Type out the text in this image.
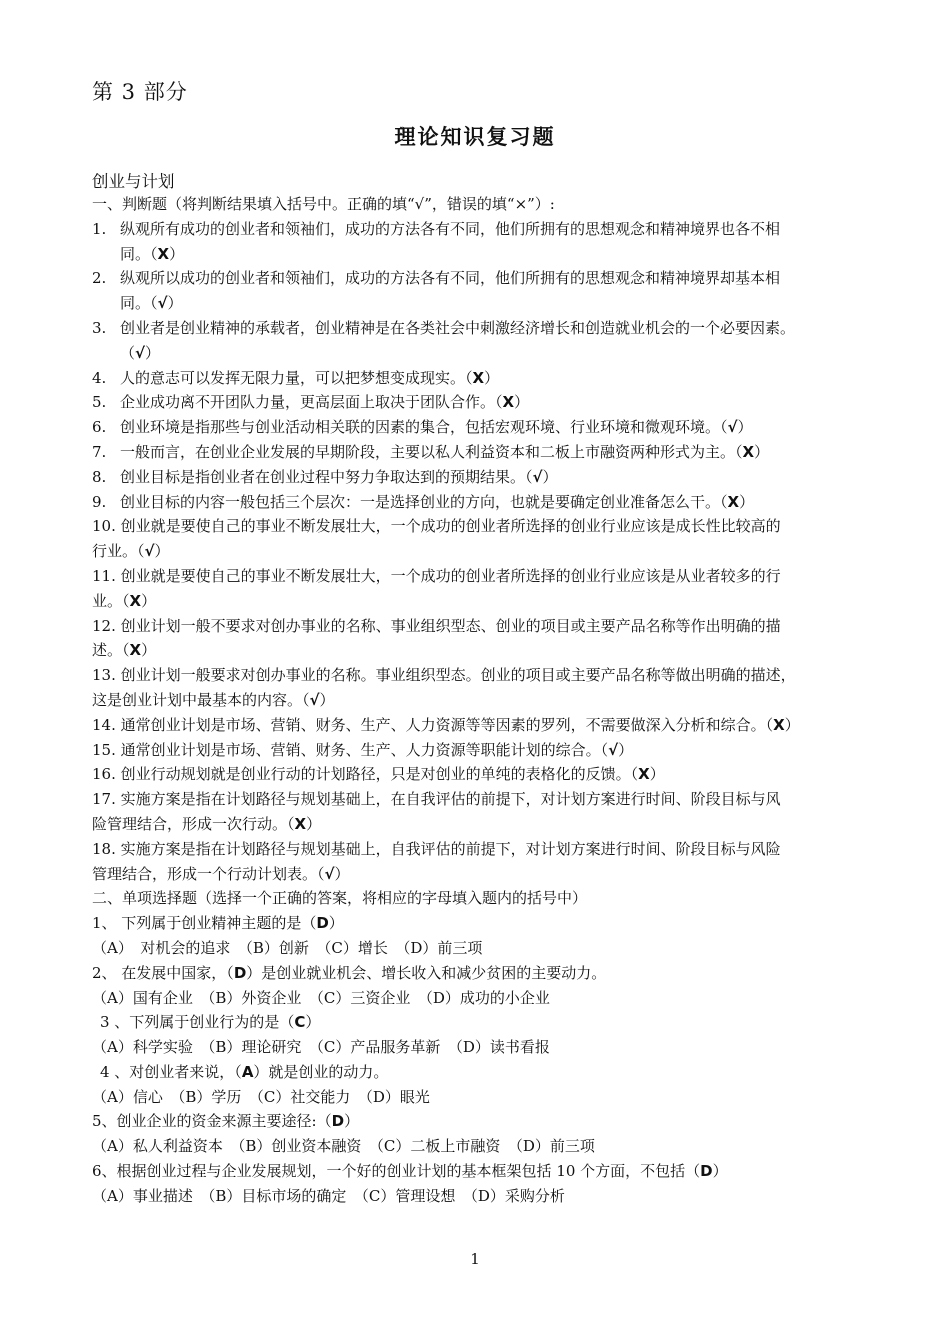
第 3 部分
理论知识复习题
创业与计划
一、判断题（将判断结果填入括号中。正确的填“√”，错误的填“×”）:
1. 纵观所有成功的创业者和领袖们，成功的方法各有不同，他们所拥有的思想观念和精神境界也各不相
同。（X）
2. 纵观所以成功的创业者和领袖们，成功的方法各有不同，他们所拥有的思想观念和精神境界却基本相
同。（√）
3. 创业者是创业精神的承载者，创业精神是在各类社会中刺激经济增长和创造就业机会的一个必要因素。
（√）
4. 人的意志可以发挥无限力量，可以把梦想变成现实。（X）
5. 企业成功离不开团队力量，更高层面上取决于团队合作。（X）
6. 创业环境是指那些与创业活动相关联的因素的集合，包括宏观环境、行业环境和微观环境。（√）
7. 一般而言，在创业企业发展的早期阶段，主要以私人利益资本和二板上市融资两种形式为主。（X）
8. 创业目标是指创业者在创业过程中努力争取达到的预期结果。（√）
9. 创业目标的内容一般包括三个层次：一是选择创业的方向，也就是要确定创业准备怎么干。（X）
10. 创业就是要使自己的事业不断发展壮大，一个成功的创业者所选择的创业行业应该是成长性比较高的
行业。（√）
11. 创业就是要使自己的事业不断发展壮大，一个成功的创业者所选择的创业行业应该是从业者较多的行
业。（X）
12. 创业计划一般不要求对创办事业的名称、事业组织型态、创业的项目或主要产品名称等作出明确的描
述。（X）
13. 创业计划一般要求对创办事业的名称。事业组织型态。创业的项目或主要产品名称等做出明确的描述，
这是创业计划中最基本的内容。（√）
14. 通常创业计划是市场、营销、财务、生产、人力资源等等因素的罗列，不需要做深入分析和综合。（X）
15. 通常创业计划是市场、营销、财务、生产、人力资源等职能计划的综合。（√）
16. 创业行动规划就是创业行动的计划路径，只是对创业的单纯的表格化的反馈。（X）
17. 实施方案是指在计划路径与规划基础上，在自我评估的前提下，对计划方案进行时间、阶段目标与风
险管理结合，形成一次行动。（X）
18. 实施方案是指在计划路径与规划基础上，自我评估的前提下，对计划方案进行时间、阶段目标与风险
管理结合，形成一个行动计划表。（√）
二、单项选择题（选择一个正确的答案，将相应的字母填入题内的括号中）
1、 下列属于创业精神主题的是（D）
（A）　对机会的追求　（B）创新　（C）增长　（D）前三项
2、 在发展中国家，（D）是创业就业机会、增长收入和减少贫困的主要动力。
（A）国有企业　（B）外资企业　（C）三资企业　（D）成功的小企业
3 、下列属于创业行为的是（C）
（A）科学实验　（B）理论研究　（C）产品服务革新　（D）读书看报
4 、对创业者来说，（A）就是创业的动力。
（A）信心　（B）学历　（C）社交能力　（D）眼光
5、创业企业的资金来源主要途径:（D）
（A）私人利益资本　（B）创业资本融资　（C）二板上市融资　（D）前三项
6、根据创业过程与企业发展规划，一个好的创业计划的基本框架包括 10 个方面，不包括（D）
（A）事业描述　（B）目标市场的确定　（C）管理设想　（D）采购分析
1
